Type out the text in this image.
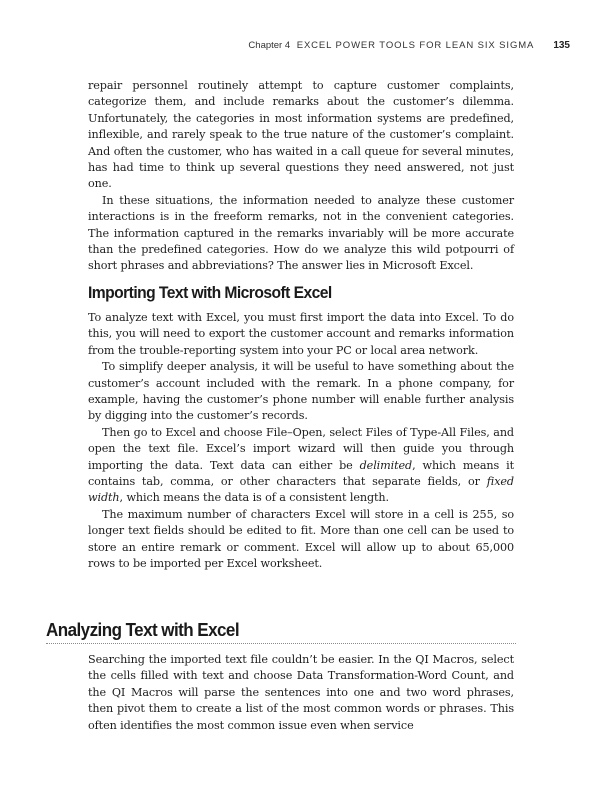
Chapter 4 EXCEL POWER TOOLS FOR LEAN SIX SIGMA 135

repair personnel routinely attempt to capture customer complaints, categorize them, and include remarks about the customer’s dilemma. Unfortunately, the categories in most information systems are predefined, inflexible, and rarely speak to the true nature of the customer’s complaint. And often the customer, who has waited in a call queue for several minutes, has had time to think up several questions they need answered, not just one.

In these situations, the information needed to analyze these customer interactions is in the freeform remarks, not in the convenient categories. The information captured in the remarks invariably will be more accurate than the predefined categories. How do we analyze this wild potpourri of short phrases and abbreviations? The answer lies in Microsoft Excel.

Importing Text with Microsoft Excel

To analyze text with Excel, you must first import the data into Excel. To do this, you will need to export the customer account and remarks information from the trouble-reporting system into your PC or local area network.

To simplify deeper analysis, it will be useful to have something about the customer’s account included with the remark. In a phone company, for example, having the customer’s phone number will enable further analysis by digging into the customer’s records.

Then go to Excel and choose File–Open, select Files of Type-All Files, and open the text file. Excel’s import wizard will then guide you through importing the data. Text data can either be delimited, which means it contains tab, comma, or other characters that separate fields, or fixed width, which means the data is of a consistent length.

The maximum number of characters Excel will store in a cell is 255, so longer text fields should be edited to fit. More than one cell can be used to store an entire remark or comment. Excel will allow up to about 65,000 rows to be imported per Excel worksheet.

Analyzing Text with Excel

Searching the imported text file couldn’t be easier. In the QI Macros, select the cells filled with text and choose Data Transformation-Word Count, and the QI Macros will parse the sentences into one and two word phrases, then pivot them to create a list of the most common words or phrases. This often identifies the most common issue even when service
